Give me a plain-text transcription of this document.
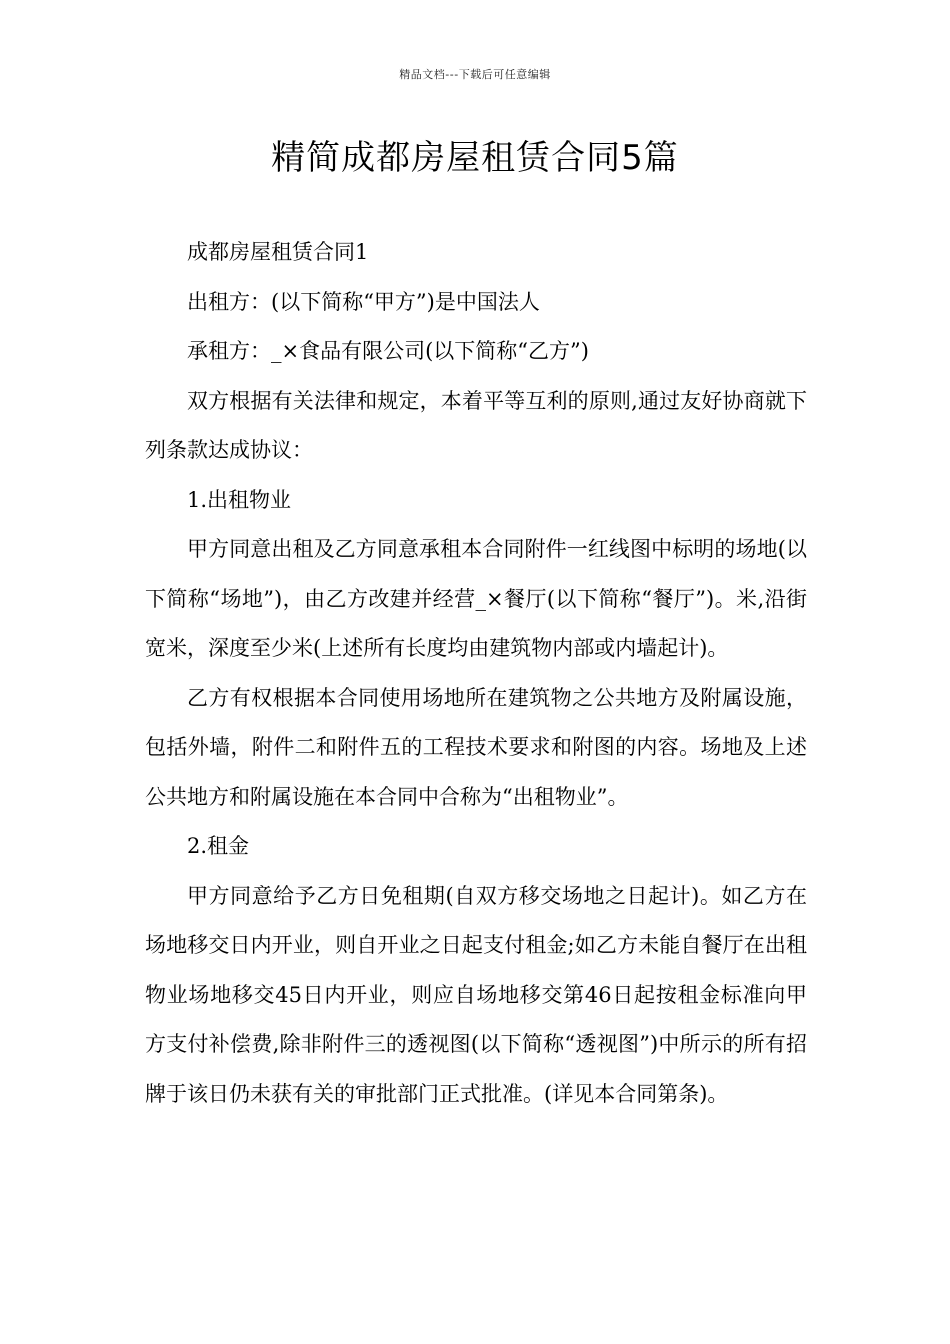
精品文档---下载后可任意编辑
精简成都房屋租赁合同5篇

成都房屋租赁合同1

出租方：(以下简称“甲方”)是中国法人

承租方：_×食品有限公司(以下简称“乙方”)

双方根据有关法律和规定，本着平等互利的原则,通过友好协商就下列条款达成协议：

1.出租物业

甲方同意出租及乙方同意承租本合同附件一红线图中标明的场地(以下简称“场地”)，由乙方改建并经营_×餐厅(以下简称“餐厅”)。米,沿街宽米，深度至少米(上述所有长度均由建筑物内部或内墙起计)。

乙方有权根据本合同使用场地所在建筑物之公共地方及附属设施，包括外墙，附件二和附件五的工程技术要求和附图的内容。场地及上述公共地方和附属设施在本合同中合称为“出租物业”。

2.租金

甲方同意给予乙方日免租期(自双方移交场地之日起计)。如乙方在场地移交日内开业，则自开业之日起支付租金;如乙方未能自餐厅在出租物业场地移交45日内开业，则应自场地移交第46日起按租金标准向甲方支付补偿费,除非附件三的透视图(以下简称“透视图”)中所示的所有招牌于该日仍未获有关的审批部门正式批准。(详见本合同第条)。
